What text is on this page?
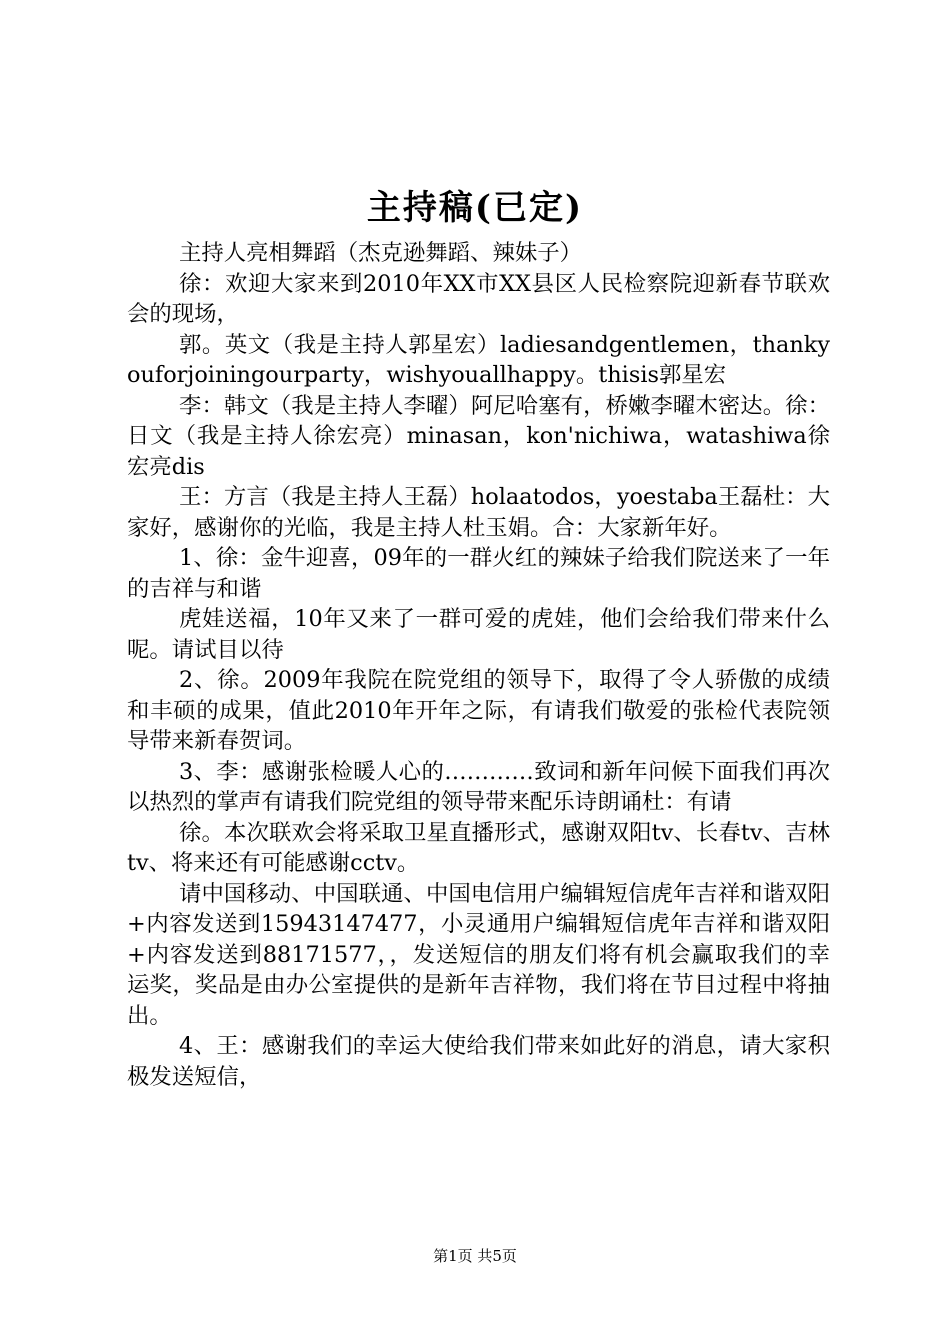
主持稿(已定)

主持人亮相舞蹈（杰克逊舞蹈、辣妹子）

徐：欢迎大家来到2010年XX市XX县区人民检察院迎新春节联欢会的现场，

郭。英文（我是主持人郭星宏）ladiesandgentlemen，thankyouforjoiningourparty，wishyouallhappy。thisis郭星宏

李：韩文（我是主持人李曜）阿尼哈塞有，桥嫩李曜木密达。徐：日文（我是主持人徐宏亮）minasan，kon'nichiwa，watashiwa徐宏亮dis

王：方言（我是主持人王磊）holaatodos，yoestaba王磊杜：大家好，感谢你的光临，我是主持人杜玉娟。合：大家新年好。

1、徐：金牛迎喜，09年的一群火红的辣妹子给我们院送来了一年的吉祥与和谐

虎娃送福，10年又来了一群可爱的虎娃，他们会给我们带来什么呢。请试目以待

2、徐。2009年我院在院党组的领导下，取得了令人骄傲的成绩和丰硕的成果，值此2010年开年之际，有请我们敬爱的张检代表院领导带来新春贺词。

3、李：感谢张检暖人心的…………致词和新年问候下面我们再次以热烈的掌声有请我们院党组的领导带来配乐诗朗诵杜：有请

徐。本次联欢会将采取卫星直播形式，感谢双阳tv、长春tv、吉林tv、将来还有可能感谢cctv。

请中国移动、中国联通、中国电信用户编辑短信虎年吉祥和谐双阳+内容发送到15943147477，小灵通用户编辑短信虎年吉祥和谐双阳+内容发送到88171577，，发送短信的朋友们将有机会赢取我们的幸运奖，奖品是由办公室提供的是新年吉祥物，我们将在节目过程中将抽出。

4、王：感谢我们的幸运大使给我们带来如此好的消息，请大家积极发送短信，

第1页 共5页
